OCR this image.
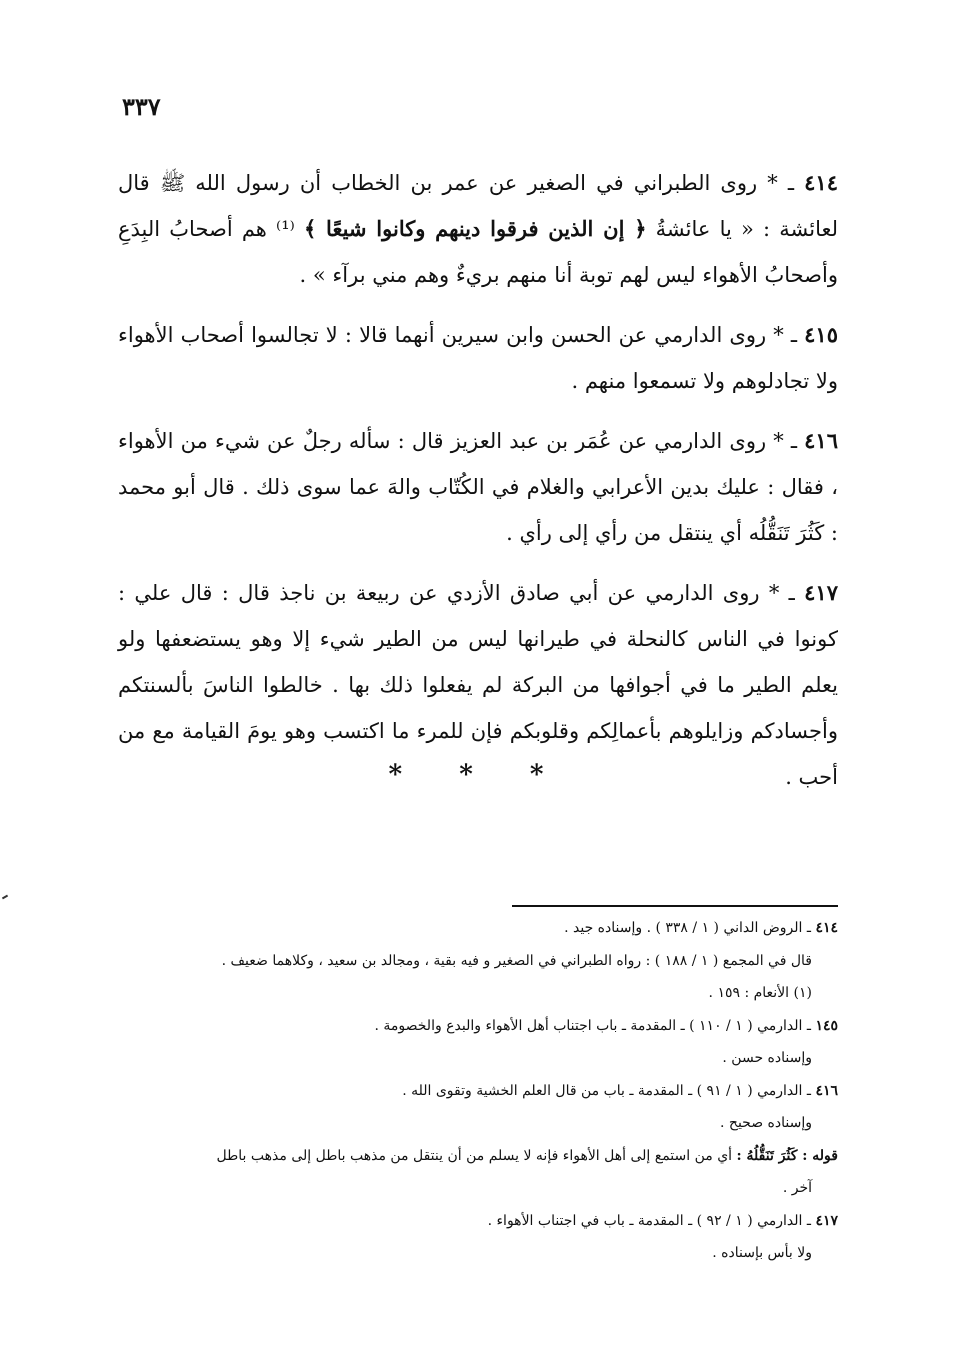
٣٣٧

٤١٤ ـ * روى الطبراني في الصغير عن عمر بن الخطاب أن رسول الله ﷺ قال لعائشة : « يا عائشةُ ﴿ إن الذين فرقوا دينهم وكانوا شيعًا ﴾ ⁽¹⁾ هم أصحابُ البِدَعِ وأصحابُ الأهواء ليس لهم توبة أنا منهم بريءٌ وهم مني برآء » .

٤١٥ ـ * روى الدارمي عن الحسن وابن سيرين أنهما قالا : لا تجالسوا أصحاب الأهواء ولا تجادلوهم ولا تسمعوا منهم .

٤١٦ ـ * روى الدارمي عن عُمَر بن عبد العزيز قال : سأله رجلٌ عن شيء من الأهواء ، فقال : عليك بدين الأعرابي والغلام في الكُتّاب والهَ عما سوى ذلك . قال أبو محمد : كَثُرَ تَنَقُّلُه أي ينتقل من رأي إلى رأي .

٤١٧ ـ * روى الدارمي عن أبي صادق الأزدي عن ربيعة بن ناجذ قال : قال علي : كونوا في الناس كالنحلة في طيرانها ليس من الطير شيء إلا وهو يستضعفها ولو يعلم الطير ما في أجوافها من البركة لم يفعلوا ذلك بها . خالطوا الناسَ بألسنتكم وأجسادكم وزايلوهم بأعمالِكم وقلوبكم فإن للمرء ما اكتسب وهو يومَ القيامة مع من أحب .

* * *
٤١٤ ـ الروض الداني ( ١ / ٣٣٨ ) . وإسناده جيد .
قال في المجمع ( ١ / ١٨٨ ) : رواه الطبراني في الصغير و فيه بقية ، ومجالد بن سعيد ، وكلاهما ضعيف .
(١) الأنعام : ١٥٩ .
١٤٥ ـ الدارمي ( ١ / ١١٠ ) ـ المقدمة ـ باب اجتناب أهل الأهواء والبدع والخصومة .
وإسناده حسن .
٤١٦ ـ الدارمي ( ١ / ٩١ ) ـ المقدمة ـ باب من قال العلم الخشية وتقوى الله .
وإسناده صحيح .
قوله : كَثُرَ تَنَقُّلُهُ : أي من استمع إلى أهل الأهواء فإنه لا يسلم من أن ينتقل من مذهب باطل إلى مذهب باطل
آخر .
٤١٧ ـ الدارمي ( ١ / ٩٢ ) ـ المقدمة ـ باب في اجتناب الأهواء .
ولا بأس بإسناده .
